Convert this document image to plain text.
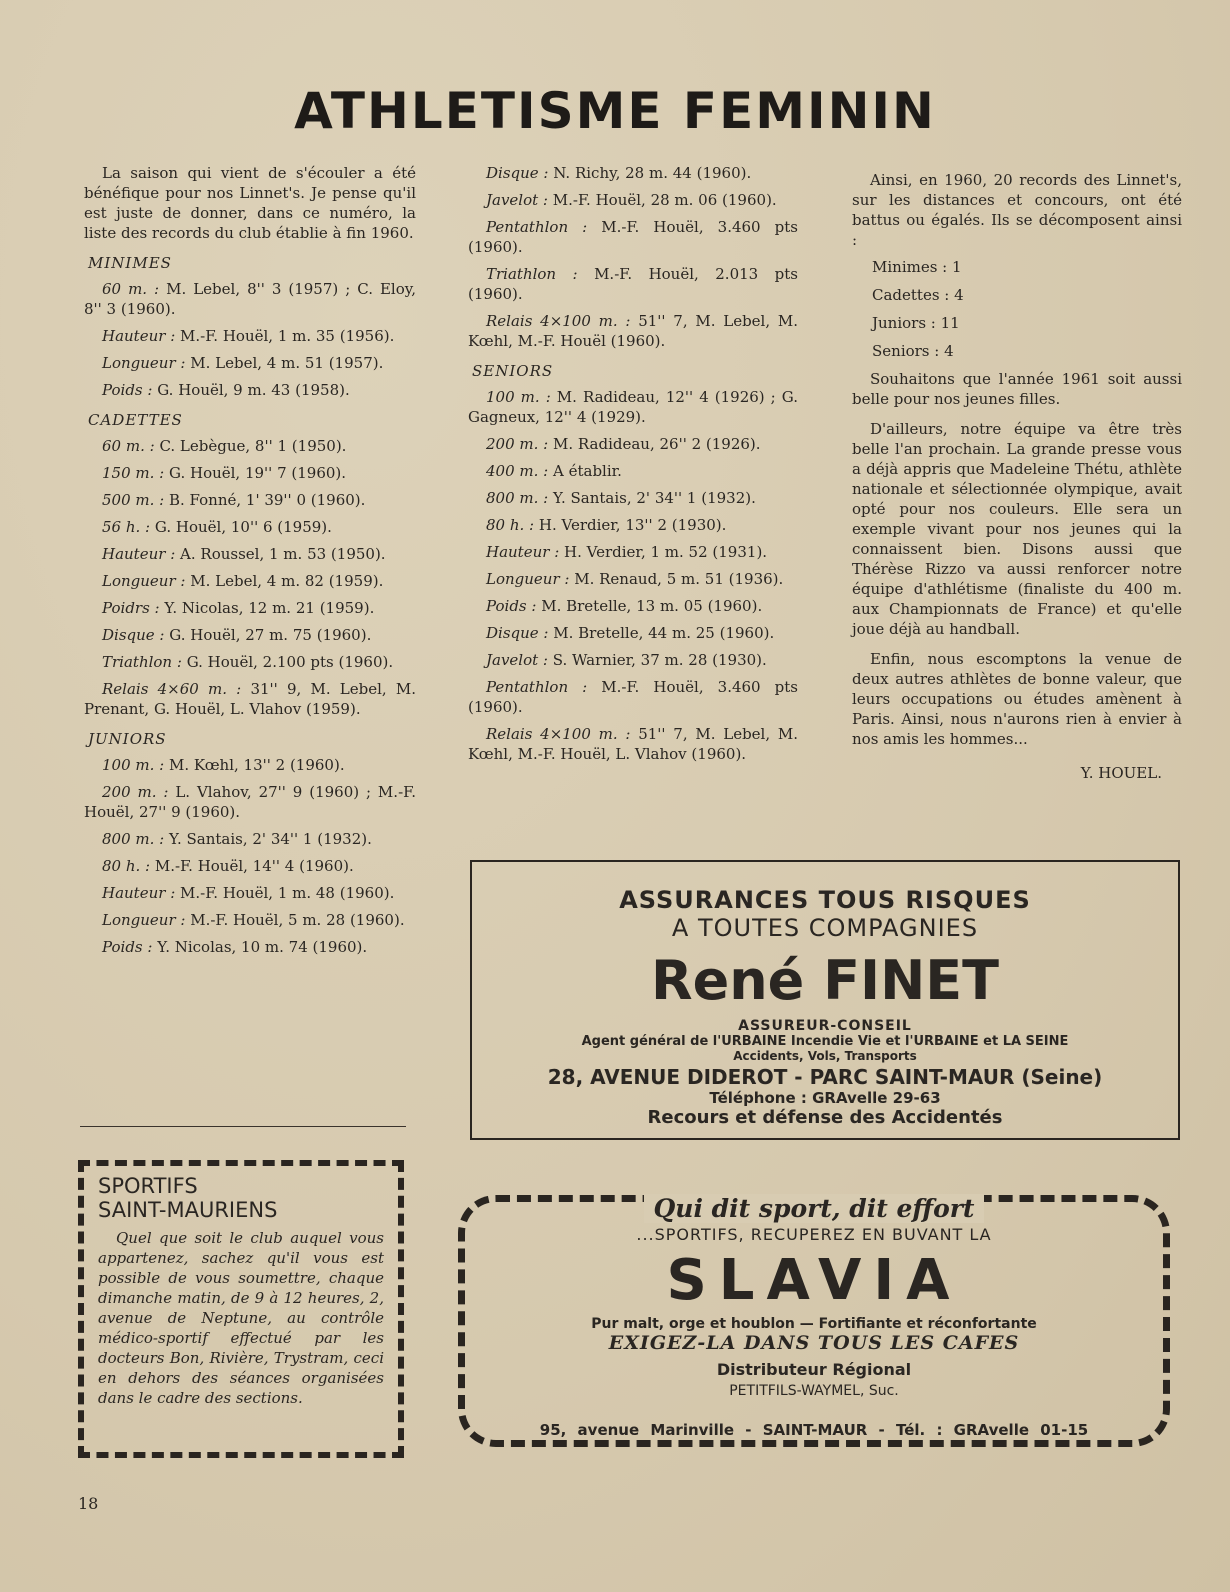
ATHLETISME FEMININ

La saison qui vient de s'écouler a été bénéfique pour nos Linnet's. Je pense qu'il est juste de donner, dans ce numéro, la liste des records du club établie à fin 1960.

MINIMES

60 m. : M. Lebel, 8'' 3 (1957) ; C. Eloy, 8'' 3 (1960).

Hauteur : M.-F. Houël, 1 m. 35 (1956).

Longueur : M. Lebel, 4 m. 51 (1957).

Poids : G. Houël, 9 m. 43 (1958).

CADETTES

60 m. : C. Lebègue, 8'' 1 (1950).

150 m. : G. Houël, 19'' 7 (1960).

500 m. : B. Fonné, 1' 39'' 0 (1960).

56 h. : G. Houël, 10'' 6 (1959).

Hauteur : A. Roussel, 1 m. 53 (1950).

Longueur : M. Lebel, 4 m. 82 (1959).

Poidrs : Y. Nicolas, 12 m. 21 (1959).

Disque : G. Houël, 27 m. 75 (1960).

Triathlon : G. Houël, 2.100 pts (1960).

Relais 4×60 m. : 31'' 9, M. Lebel, M. Prenant, G. Houël, L. Vlahov (1959).

JUNIORS

100 m. : M. Kœhl, 13'' 2 (1960).

200 m. : L. Vlahov, 27'' 9 (1960) ; M.-F. Houël, 27'' 9 (1960).

800 m. : Y. Santais, 2' 34'' 1 (1932).

80 h. : M.-F. Houël, 14'' 4 (1960).

Hauteur : M.-F. Houël, 1 m. 48 (1960).

Longueur : M.-F. Houël, 5 m. 28 (1960).

Poids : Y. Nicolas, 10 m. 74 (1960).

Disque : N. Richy, 28 m. 44 (1960).

Javelot : M.-F. Houël, 28 m. 06 (1960).

Pentathlon : M.-F. Houël, 3.460 pts (1960).

Triathlon : M.-F. Houël, 2.013 pts (1960).

Relais 4×100 m. : 51'' 7, M. Lebel, M. Kœhl, M.-F. Houël (1960).

SENIORS

100 m. : M. Radideau, 12'' 4 (1926) ; G. Gagneux, 12'' 4 (1929).

200 m. : M. Radideau, 26'' 2 (1926).

400 m. : A établir.

800 m. : Y. Santais, 2' 34'' 1 (1932).

80 h. : H. Verdier, 13'' 2 (1930).

Hauteur : H. Verdier, 1 m. 52 (1931).

Longueur : M. Renaud, 5 m. 51 (1936).

Poids : M. Bretelle, 13 m. 05 (1960).

Disque : M. Bretelle, 44 m. 25 (1960).

Javelot : S. Warnier, 37 m. 28 (1930).

Pentathlon : M.-F. Houël, 3.460 pts (1960).

Relais 4×100 m. : 51'' 7, M. Lebel, M. Kœhl, M.-F. Houël, L. Vlahov (1960).

Ainsi, en 1960, 20 records des Linnet's, sur les distances et concours, ont été battus ou égalés. Ils se décomposent ainsi :

Minimes : 1

Cadettes : 4

Juniors : 11

Seniors : 4

Souhaitons que l'année 1961 soit aussi belle pour nos jeunes filles.

D'ailleurs, notre équipe va être très belle l'an prochain. La grande presse vous a déjà appris que Madeleine Thétu, athlète nationale et sélectionnée olympique, avait opté pour nos couleurs. Elle sera un exemple vivant pour nos jeunes qui la connaissent bien. Disons aussi que Thérèse Rizzo va aussi renforcer notre équipe d'athlétisme (finaliste du 400 m. aux Championnats de France) et qu'elle joue déjà au handball.

Enfin, nous escomptons la venue de deux autres athlètes de bonne valeur, que leurs occupations ou études amènent à Paris. Ainsi, nous n'aurons rien à envier à nos amis les hommes...

Y. HOUEL.

SPORTIFS
SAINT-MAURIENS

Quel que soit le club auquel vous appartenez, sachez qu'il vous est possible de vous soumettre, chaque dimanche matin, de 9 à 12 heures, 2, avenue de Neptune, au contrôle médico-sportif effectué par les docteurs Bon, Rivière, Trystram, ceci en dehors des séances organisées dans le cadre des sections.

ASSURANCES TOUS RISQUES
A TOUTES COMPAGNIES
René FINET
ASSUREUR-CONSEIL
Agent général de l'URBAINE Incendie Vie et l'URBAINE et LA SEINE
Accidents, Vols, Transports
28, AVENUE DIDEROT - PARC SAINT-MAUR (Seine)
Téléphone : GRAvelle 29-63
Recours et défense des Accidentés
Qui dit sport, dit effort
...SPORTIFS, RECUPEREZ EN BUVANT LA
SLAVIA
Pur malt, orge et houblon — Fortifiante et réconfortante
EXIGEZ-LA DANS TOUS LES CAFES
Distributeur Régional
PETITFILS-WAYMEL, Suc.
95, avenue Marinville - SAINT-MAUR - Tél. : GRAvelle 01-15
18
